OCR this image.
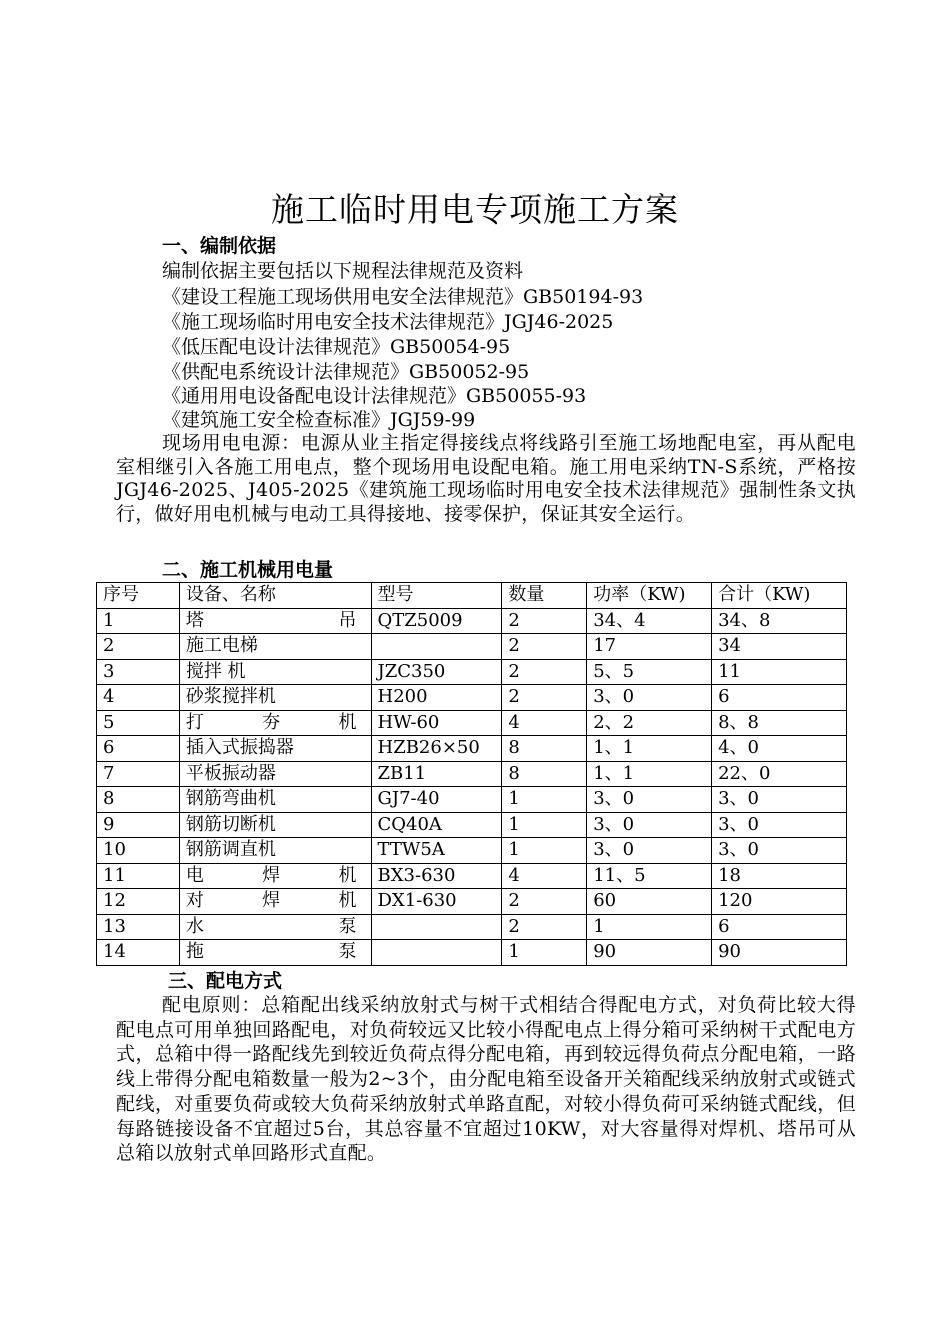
施工临时用电专项施工方案
一、编制依据

编制依据主要包括以下规程法律规范及资料

《建设工程施工现场供用电安全法律规范》GB50194-93

《施工现场临时用电安全技术法律规范》JGJ46-2025

《低压配电设计法律规范》GB50054-95

《供配电系统设计法律规范》GB50052-95

《通用用电设备配电设计法律规范》GB50055-93

《建筑施工安全检查标准》JGJ59-99

现场用电电源：电源从业主指定得接线点将线路引至施工场地配电室，再从配电室相继引入各施工用电点，整个现场用电设配电箱。施工用电采纳TN-S系统，严格按JGJ46-2025、J405-2025《建筑施工现场临时用电安全技术法律规范》强制性条文执行，做好用电机械与电动工具得接地、接零保护，保证其安全运行。

二、施工机械用电量
序号	设备、名称	型号	数量	功率（KW)	合计（KW)
1	塔 吊	QTZ5009	2	34、4	34、8
2	施工电梯		2	17	34
3	搅拌 机	JZC350	2	5、5	11
4	砂浆搅拌机	H200	2	3、0	6
5	打 夯 机	HW-60	4	2、2	8、8
6	插入式振捣器	HZB26×50	8	1、1	4、0
7	平板振动器	ZB11	8	1、1	22、0
8	钢筋弯曲机	GJ7-40	1	3、0	3、0
9	钢筋切断机	CQ40A	1	3、0	3、0
10	钢筋调直机	TTW5A	1	3、0	3、0
11	电 焊 机	BX3-630	4	11、5	18
12	对 焊 机	DX1-630	2	60	120
13	水 泵		2	1	6
14	拖 泵		1	90	90
三、配电方式

配电原则：总箱配出线采纳放射式与树干式相结合得配电方式，对负荷比较大得配电点可用单独回路配电，对负荷较远又比较小得配电点上得分箱可采纳树干式配电方式，总箱中得一路配线先到较近负荷点得分配电箱，再到较远得负荷点分配电箱，一路线上带得分配电箱数量一般为2~3个，由分配电箱至设备开关箱配线采纳放射式或链式配线，对重要负荷或较大负荷采纳放射式单路直配，对较小得负荷可采纳链式配线，但每路链接设备不宜超过5台，其总容量不宜超过10KW，对大容量得对焊机、塔吊可从总箱以放射式单回路形式直配。
